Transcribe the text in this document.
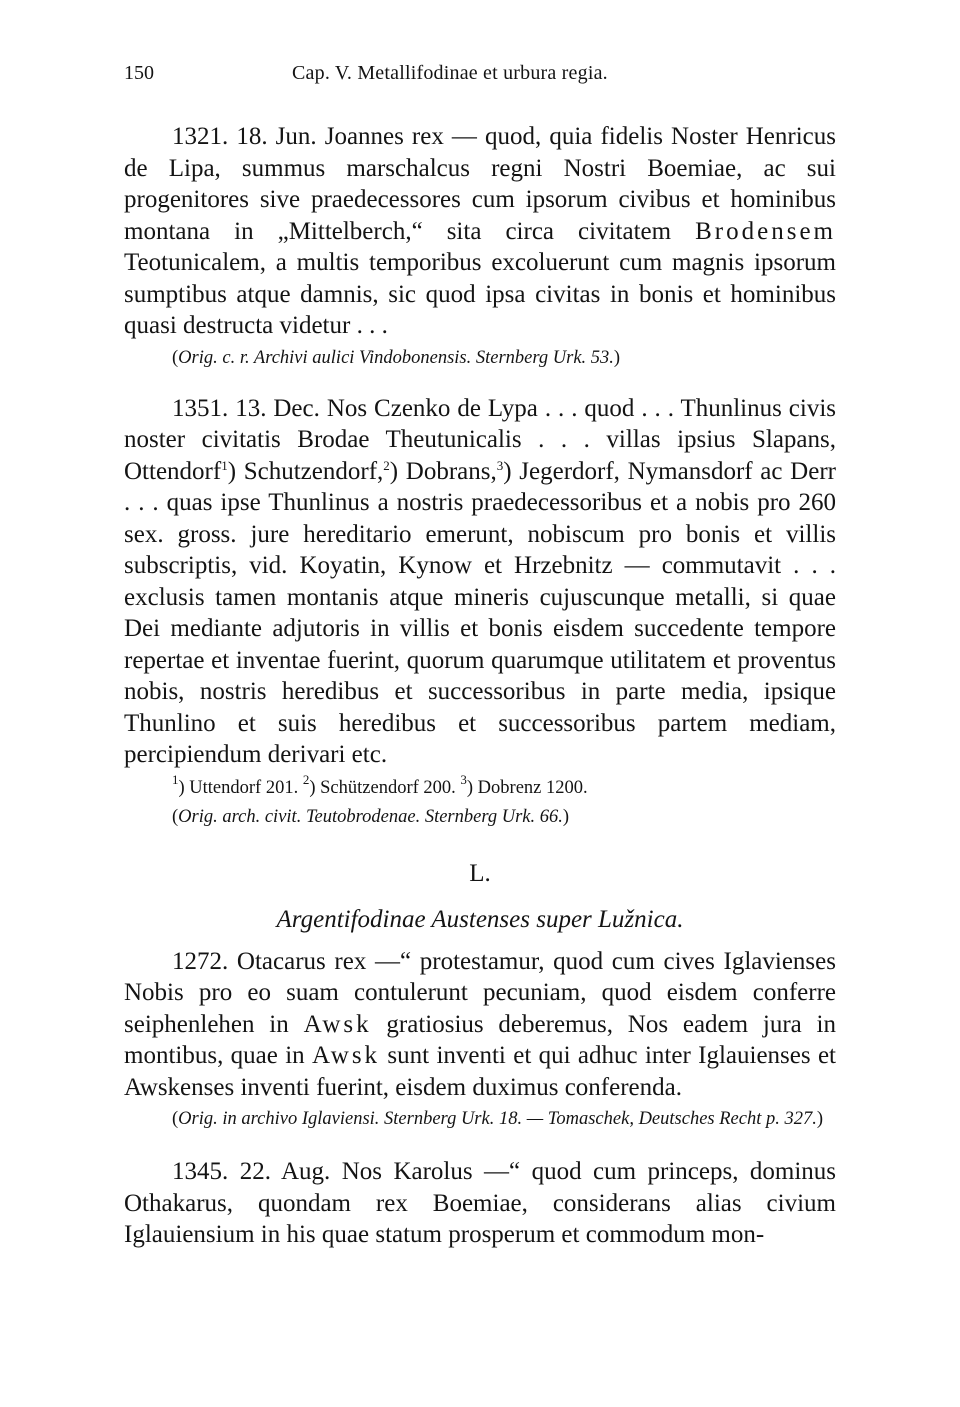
150	Cap. V. Metallifodinae et urbura regia.

1321. 18. Jun. Joannes rex — quod, quia fidelis Noster Henricus de Lipa, summus marschalcus regni Nostri Boemiae, ac sui progenitores sive praedecessores cum ipsorum civibus et hominibus montana in „Mittelberch,“ sita circa civitatem Brodensem Teotunicalem, a multis temporibus excoluerunt cum magnis ipsorum sumptibus atque damnis, sic quod ipsa civitas in bonis et hominibus quasi destructa videtur . . .

(Orig. c. r. Archivi aulici Vindobonensis. Sternberg Urk. 53.)

1351. 13. Dec. Nos Czenko de Lypa . . . quod . . . Thunlinus civis noster civitatis Brodae Theutunicalis . . . villas ipsius Slapans, Ottendorf$^1$) Schutzendorf,$^2$) Dobrans,$^3$) Jegerdorf, Nymansdorf ac Derr . . . quas ipse Thunlinus a nostris praedecessoribus et a nobis pro 260 sex. gross. jure hereditario emerunt, nobiscum pro bonis et villis subscriptis, vid. Koyatin, Kynow et Hrzebnitz — commutavit . . . exclusis tamen montanis atque mineris cujuscunque metalli, si quae Dei mediante adjutoris in villis et bonis eisdem succedente tempore repertae et inventae fuerint, quorum quarumque utilitatem et proventus nobis, nostris heredibus et successoribus in parte media, ipsique Thunlino et suis heredibus et successoribus partem mediam, percipiendum derivari etc.

$^1$) Uttendorf 201. $^2$) Schützendorf 200. $^3$) Dobrenz 1200.

(Orig. arch. civit. Teutobrodenae. Sternberg Urk. 66.)

L.

Argentifodinae Austenses super Lužnica.

1272. Otacarus rex —“ protestamur, quod cum cives Iglavienses Nobis pro eo suam contulerunt pecuniam, quod eisdem conferre seiphenlehen in Awsk gratiosius deberemus, Nos eadem jura in montibus, quae in Awsk sunt inventi et qui adhuc inter Iglauienses et Awskenses inventi fuerint, eisdem duximus conferenda.

(Orig. in archivo Iglaviensi. Sternberg Urk. 18. — Tomaschek, Deutsches Recht p. 327.)

1345. 22. Aug. Nos Karolus —“ quod cum princeps, dominus Othakarus, quondam rex Boemiae, considerans alias civium Iglauiensium in his quae statum prosperum et commodum mon-
